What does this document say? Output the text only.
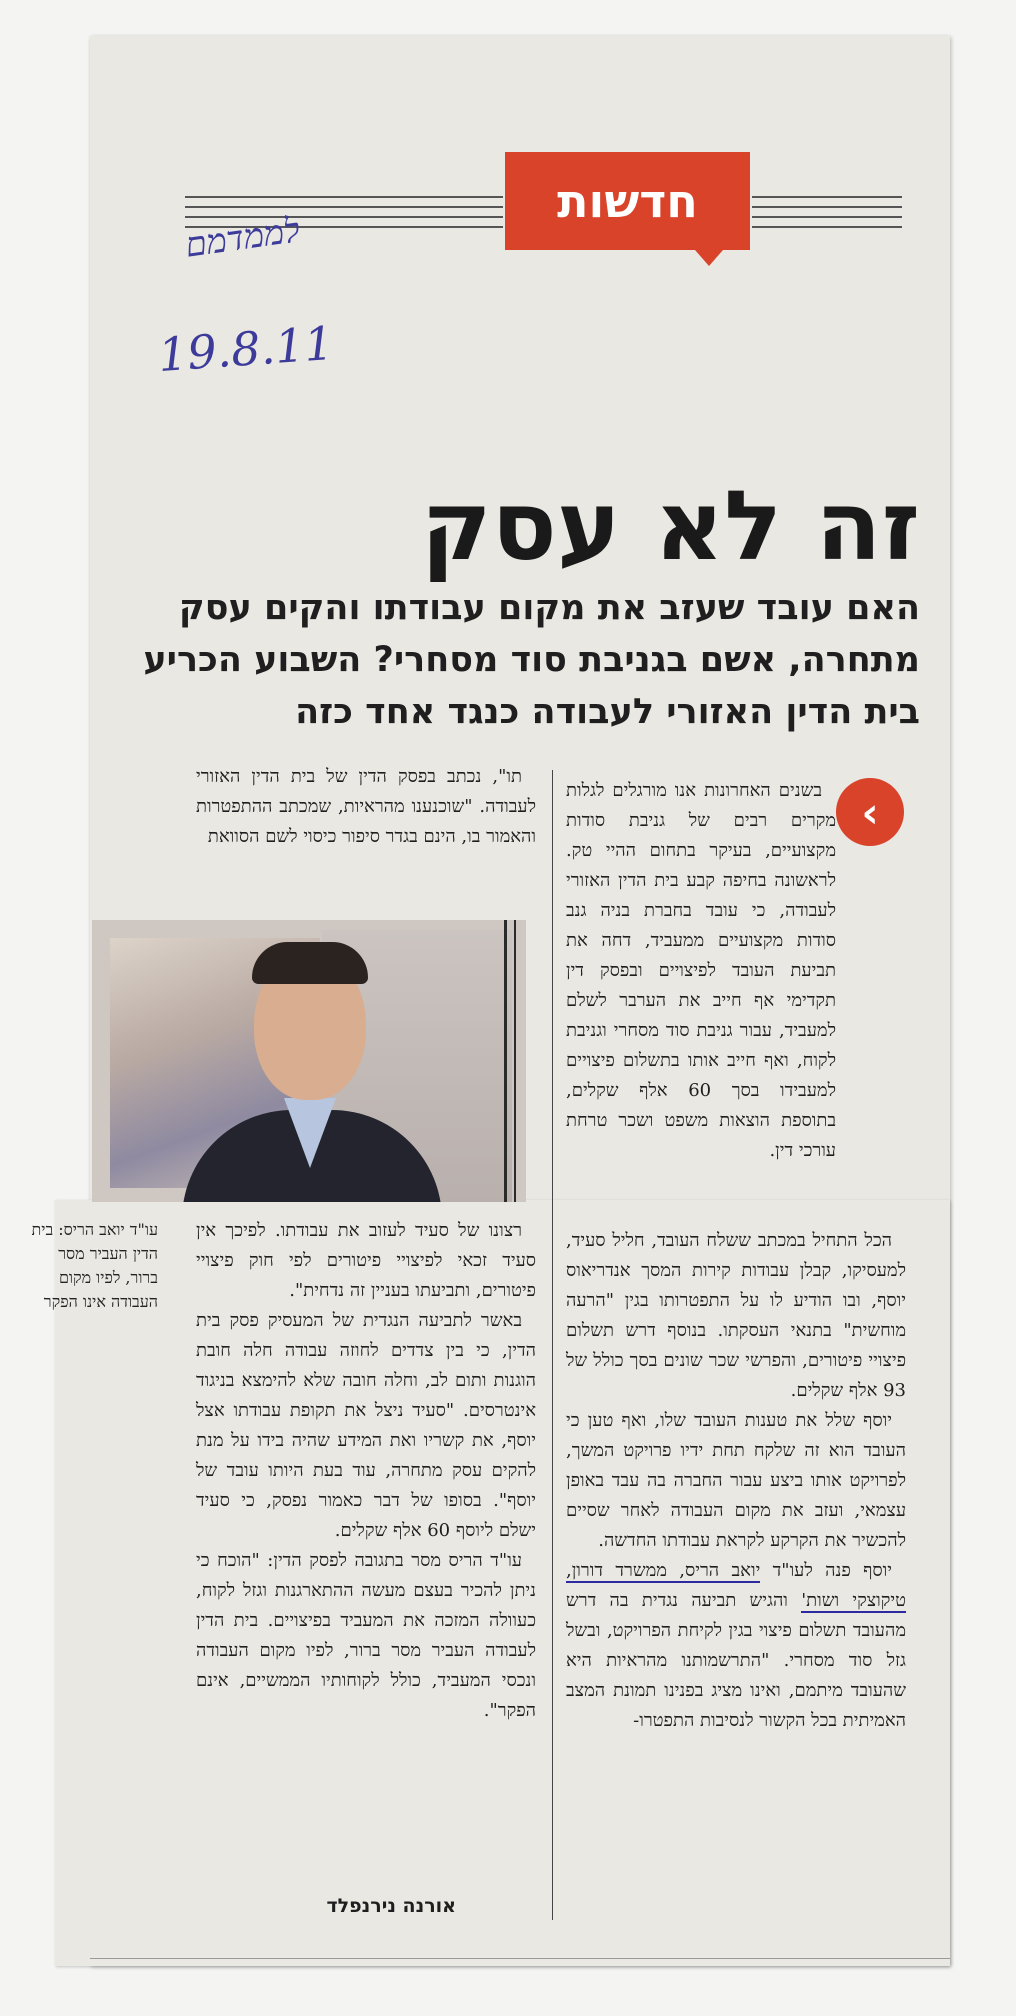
חדשות
לממדמם
19.8.11
זה לא עסק
האם עובד שעזב את מקום עבודתו והקים עסק מתחרה, אשם בגניבת סוד מסחרי? השבוע הכריע בית הדין האזורי לעבודה כנגד אחד כזה
‹

בשנים האחרונות אנו מורגלים לגלות מקרים רבים של גניבת סודות מקצועיים, בעיקר בתחום ההיי טק. לראשונה בחיפה קבע בית הדין האזורי לעבודה, כי עובד בחברת בניה גנב סודות מקצועיים ממעביד, דחה את תביעת העובד לפיצויים ובפסק דין תקדימי אף חייב את הערבר לשלם למעביד, עבור גניבת סוד מסחרי וגניבת לקוח, ואף חייב אותו בתשלום פיצויים למעבידו בסך 60 אלף שקלים, בתוספת הוצאות משפט ושכר טרחת עורכי דין.

הכל התחיל במכתב ששלח העובד, חליל סעיד, למעסיקו, קבלן עבודות קירות המסך אנדריאוס יוסף, ובו הודיע לו על התפטרותו בגין "הרעה מוחשית" בתנאי העסקתו. בנוסף דרש תשלום פיצויי פיטורים, והפרשי שכר שונים בסך כולל של 93 אלף שקלים.

יוסף שלל את טענות העובד שלו, ואף טען כי העובד הוא זה שלקח תחת ידיו פרויקט המשך, לפרויקט אותו ביצע עבור החברה בה עבד באופן עצמאי, ועזב את מקום העבודה לאחר שסיים להכשיר את הקרקע לקראת עבודתו החדשה.

יוסף פנה לעו"ד יואב הריס, ממשרד דורון, טיקוצקי ושות' והגיש תביעה נגדית בה דרש מהעובד תשלום פיצוי בגין לקיחת הפרויקט, ובשל גזל סוד מסחרי. "התרשמותנו מהראיות היא שהעובד מיתמם, ואינו מציג בפנינו תמונת המצב האמיתית בכל הקשור לנסיבות התפטרו-

תו", נכתב בפסק הדין של בית הדין האזורי לעבודה. "שוכנענו מהראיות, שמכתב ההתפטרות והאמור בו, הינם בגדר סיפור כיסוי לשם הסוואת

עו"ד יואב הריס: בית הדין העביר מסר ברור, לפיו מקום העבודה אינו הפקר

רצונו של סעיד לעזוב את עבודתו. לפיכך אין סעיד זכאי לפיצויי פיטורים לפי חוק פיצויי פיטורים, ותביעתו בעניין זה נדחית".

באשר לתביעה הנגדית של המעסיק פסק בית הדין, כי בין צדדים לחוזה עבודה חלה חובת הוגנות ותום לב, וחלה חובה שלא להימצא בניגוד אינטרסים. "סעיד ניצל את תקופת עבודתו אצל יוסף, את קשריו ואת המידע שהיה בידו על מנת להקים עסק מתחרה, עוד בעת היותו עובד של יוסף". בסופו של דבר כאמור נפסק, כי סעיד ישלם ליוסף 60 אלף שקלים.

עו"ד הריס מסר בתגובה לפסק הדין: "הוכח כי ניתן להכיר בעצם מעשה ההתארגנות וגזל לקוח, כעוולה המזכה את המעביד בפיצויים. בית הדין לעבודה העביר מסר ברור, לפיו מקום העבודה ונכסי המעביד, כולל לקוחותיו הממשיים, אינם הפקר".

אורנה נירנפלד
